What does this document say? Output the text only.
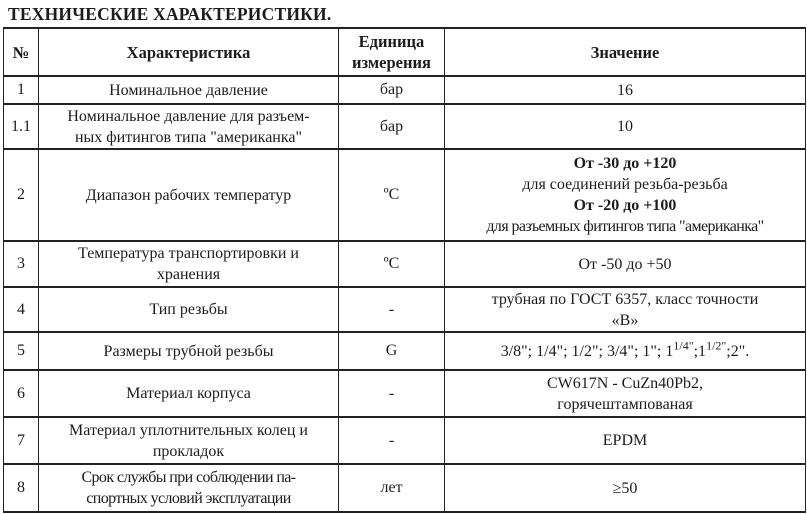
ТЕХНИЧЕСКИЕ ХАРАКТЕРИСТИКИ.
№	Характеристика	Единица
измерения	Значение
1	Номинальное давление	бар	16
1.1	Номинальное давление для разъем-
ных фитингов типа "американка"	бар	10
2	Диапазон рабочих температур	ºC	От -30 до +120
для соединений резьба-резьба
От -20 до +100
для разъемных фитингов типа "американка"

3	Температура транспортировки и
хранения	ºC	От -50 до +50
4	Тип резьбы	-	трубная по ГОСТ 6357, класс точности
«В»

5	Размеры трубной резьбы	G	3/8"; 1/4"; 1/2"; 3/4"; 1"; $1^{1/4"};1^{1/2"};2$".
6	Материал корпуса	-	CW617N - CuZn40Pb2,
горячештампованая

7	Материал уплотнительных колец и
прокладок	-	EPDM
8	Срок службы при соблюдении па-
спортных условий эксплуатации	лет	≥50
